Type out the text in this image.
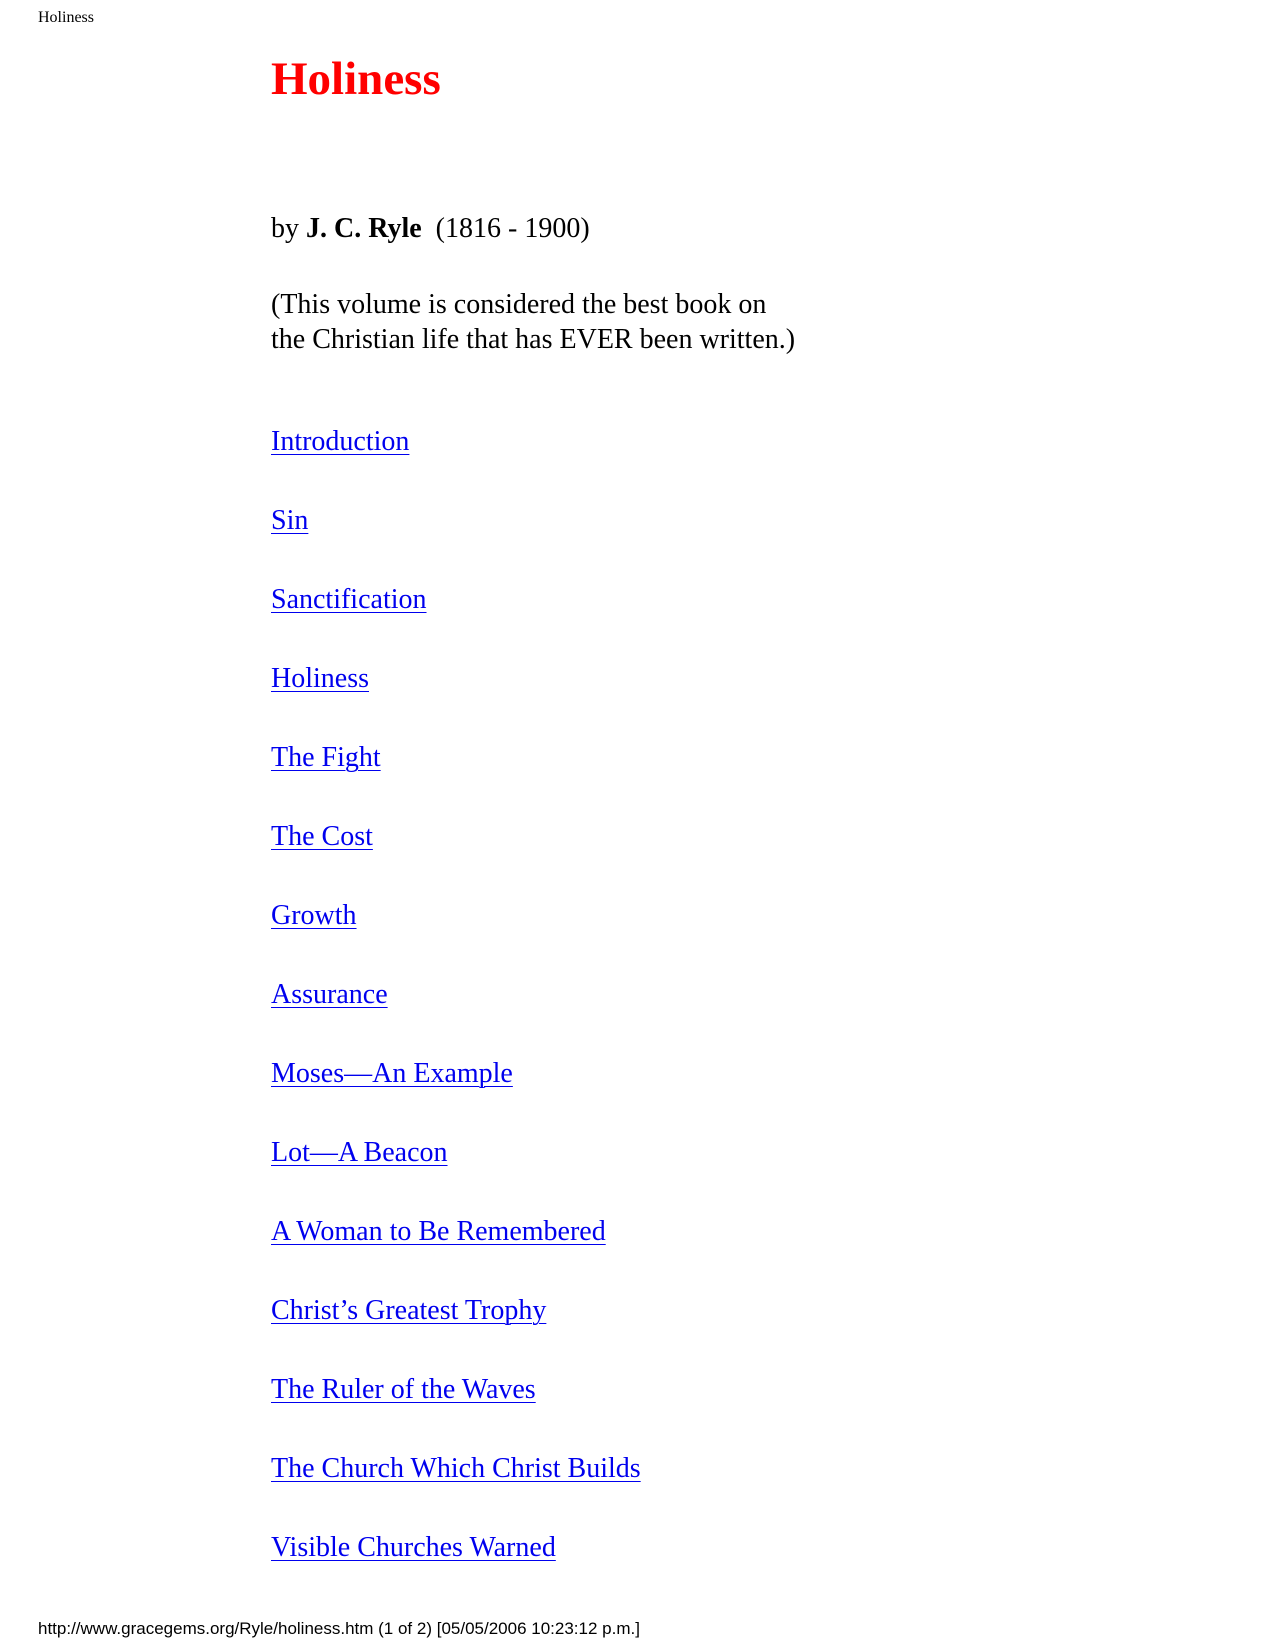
Holiness
Holiness
by J. C. Ryle (1816 - 1900)
(This volume is considered the best book on
the Christian life that has EVER been written.)
Introduction
Sin
Sanctification
Holiness
The Fight
The Cost
Growth
Assurance
Moses—An Example
Lot—A Beacon
A Woman to Be Remembered
Christ’s Greatest Trophy
The Ruler of the Waves
The Church Which Christ Builds
Visible Churches Warned
http://www.gracegems.org/Ryle/holiness.htm (1 of 2) [05/05/2006 10:23:12 p.m.]
